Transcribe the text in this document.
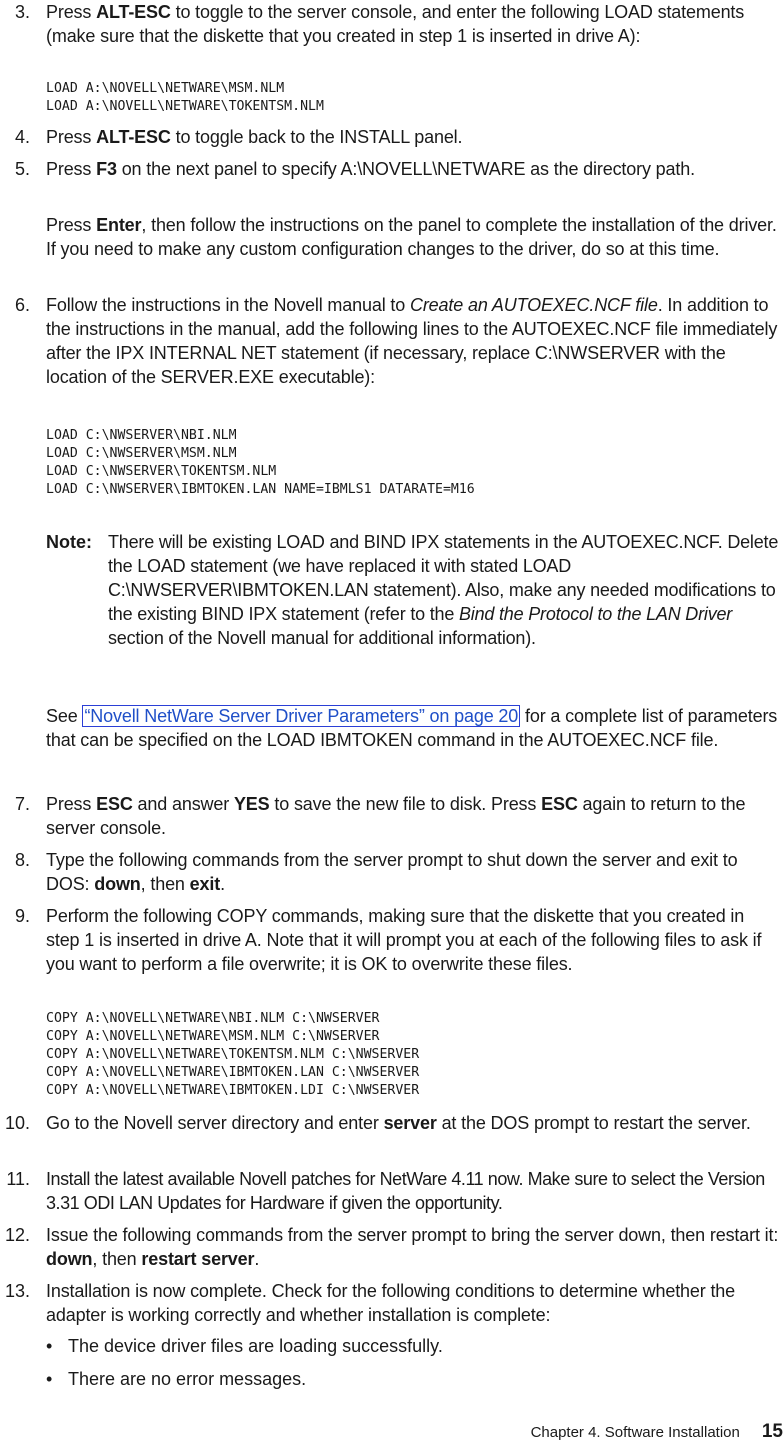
3. Press ALT-ESC to toggle to the server console, and enter the following LOAD statements (make sure that the diskette that you created in step 1 is inserted in drive A):

LOAD A:\NOVELL\NETWARE\MSM.NLM
LOAD A:\NOVELL\NETWARE\TOKENTSM.NLM
4. Press ALT-ESC to toggle back to the INSTALL panel.

5. Press F3 on the next panel to specify A:\NOVELL\NETWARE as the directory path.

Press Enter, then follow the instructions on the panel to complete the installation of the driver. If you need to make any custom configuration changes to the driver, do so at this time.

6. Follow the instructions in the Novell manual to Create an AUTOEXEC.NCF file. In addition to the instructions in the manual, add the following lines to the AUTOEXEC.NCF file immediately after the IPX INTERNAL NET statement (if necessary, replace C:\NWSERVER with the location of the SERVER.EXE executable):

LOAD C:\NWSERVER\NBI.NLM
LOAD C:\NWSERVER\MSM.NLM
LOAD C:\NWSERVER\TOKENTSM.NLM
LOAD C:\NWSERVER\IBMTOKEN.LAN NAME=IBMLS1 DATARATE=M16
Note: There will be existing LOAD and BIND IPX statements in the AUTOEXEC.NCF. Delete the LOAD statement (we have replaced it with stated LOAD C:\NWSERVER\IBMTOKEN.LAN statement). Also, make any needed modifications to the existing BIND IPX statement (refer to the Bind the Protocol to the LAN Driver section of the Novell manual for additional information).

See “Novell NetWare Server Driver Parameters” on page 20 for a complete list of parameters that can be specified on the LOAD IBMTOKEN command in the AUTOEXEC.NCF file.

7. Press ESC and answer YES to save the new file to disk. Press ESC again to return to the server console.

8. Type the following commands from the server prompt to shut down the server and exit to DOS: down, then exit.

9. Perform the following COPY commands, making sure that the diskette that you created in step 1 is inserted in drive A. Note that it will prompt you at each of the following files to ask if you want to perform a file overwrite; it is OK to overwrite these files.
COPY A:\NOVELL\NETWARE\NBI.NLM C:\NWSERVER
COPY A:\NOVELL\NETWARE\MSM.NLM C:\NWSERVER
COPY A:\NOVELL\NETWARE\TOKENTSM.NLM C:\NWSERVER
COPY A:\NOVELL\NETWARE\IBMTOKEN.LAN C:\NWSERVER
COPY A:\NOVELL\NETWARE\IBMTOKEN.LDI C:\NWSERVER
10. Go to the Novell server directory and enter server at the DOS prompt to restart the server.

11. Install the latest available Novell patches for NetWare 4.11 now. Make sure to select the Version 3.31 ODI LAN Updates for Hardware if given the opportunity.
12. Issue the following commands from the server prompt to bring the server down, then restart it: down, then restart server.

13. Installation is now complete. Check for the following conditions to determine whether the adapter is working correctly and whether installation is complete:
• The device driver files are loading successfully.
• There are no error messages.
Chapter 4. Software Installation 15
